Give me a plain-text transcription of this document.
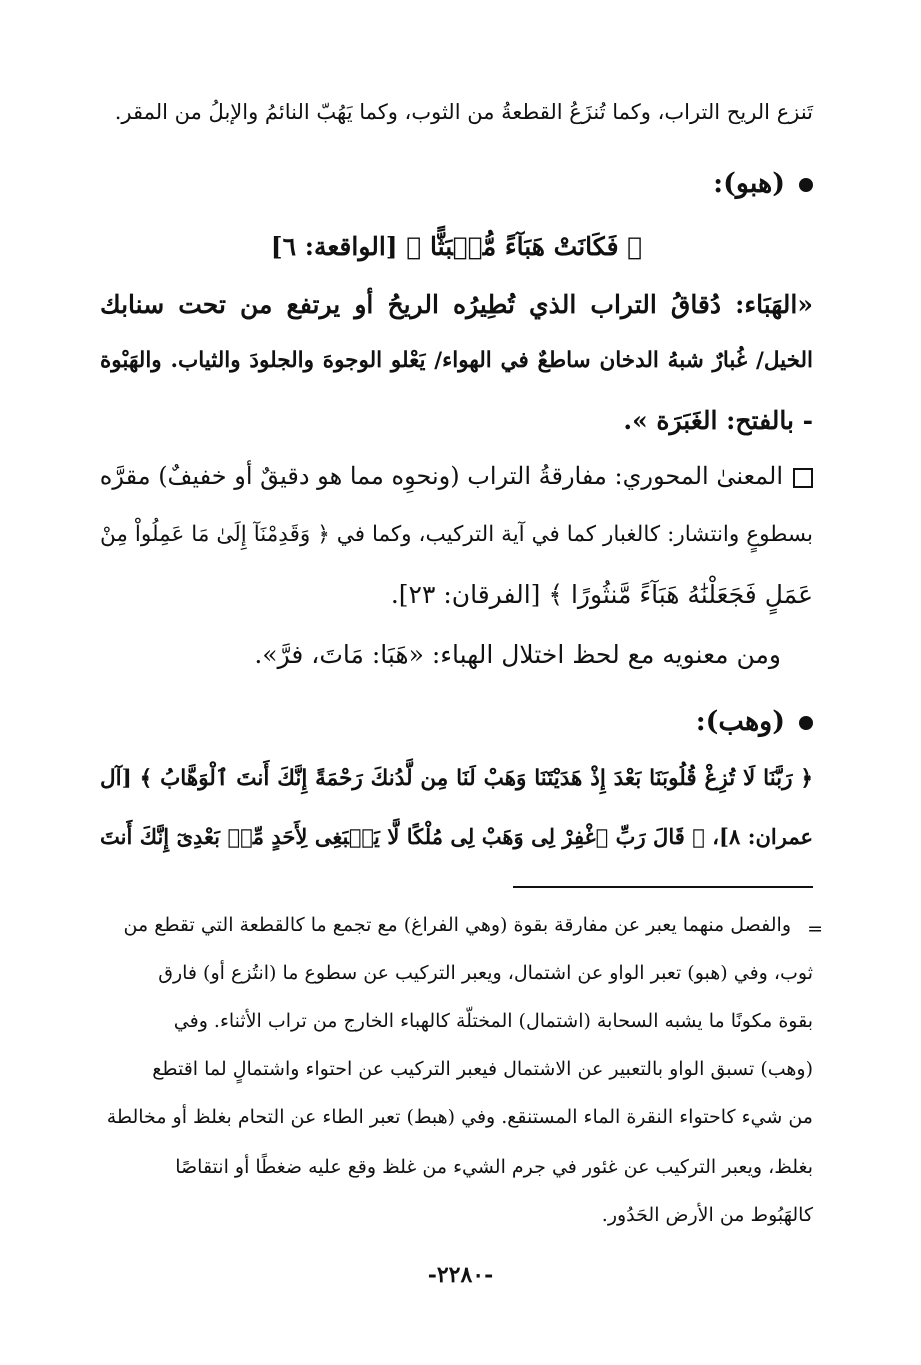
تَنزع الريح التراب، وكما تُنزَعُ القطعةُ من الثوب، وكما يَهُبّ النائمُ والإبلُ من المقر.
(هبو):
﴿ فَكَانَتْ هَبَآءً مُّنۢبَثًّا ﴾ [الواقعة: ٦]
«الهَبَاء: دُقاقُ التراب الذي تُطِيرُه الريحُ أو يرتفع من تحت سنابك
الخيل/ غُبارٌ شبهُ الدخان ساطعٌ في الهواء/ يَعْلو الوجوهَ والجلودَ والثياب. والهَبْوة
- بالفتح: الغَبَرَة ».
المعنىٰ المحوري: مفارقةُ التراب (ونحوِه مما هو دقيقٌ أو خفيفٌ) مقرَّه
بسطوعٍ وانتشار: كالغبار كما في آية التركيب، وكما في ﴿ وَقَدِمْنَآ إِلَىٰ مَا عَمِلُواْ مِنْ
عَمَلٍ فَجَعَلْنَٰهُ هَبَآءً مَّنثُورًا ﴾ [الفرقان: ٢٣].
ومن معنويه مع لحظ اختلال الهباء: «هَبَا: مَاتَ، فرَّ».
(وهب):
﴿ رَبَّنَا لَا تُزِغْ قُلُوبَنَا بَعْدَ إِذْ هَدَيْتَنَا وَهَبْ لَنَا مِن لَّدُنكَ رَحْمَةً إِنَّكَ أَنتَ ٱلْوَهَّابُ ﴾ [آل
عمران: ٨]، ﴿ قَالَ رَبِّ ٱغْفِرْ لِى وَهَبْ لِى مُلْكًا لَّا يَنۢبَغِى لِأَحَدٍ مِّنۢ بَعْدِىٓ إِنَّكَ أَنتَ
=
والفصل منهما يعبر عن مفارقة بقوة (وهي الفراغ) مع تجمع ما كالقطعة التي تقطع من
ثوب، وفي (هبو) تعبر الواو عن اشتمال، ويعبر التركيب عن سطوع ما (انتُزع أو) فارق
بقوة مكونًا ما يشبه السحابة (اشتمال) المختلّة كالهباء الخارج من تراب الأثناء. وفي
(وهب) تسبق الواو بالتعبير عن الاشتمال فيعبر التركيب عن احتواء واشتمالٍ لما اقتطع
من شيء كاحتواء النقرة الماء المستنقع. وفي (هبط) تعبر الطاء عن التحام بغلظ أو مخالطة
بغلظ، ويعبر التركيب عن غئور في جرم الشيء من غلظ وقع عليه ضغطًا أو انتقاصًا
كالهَبُوط من الأرض الحَدُور.
-٢٢٨٠-
